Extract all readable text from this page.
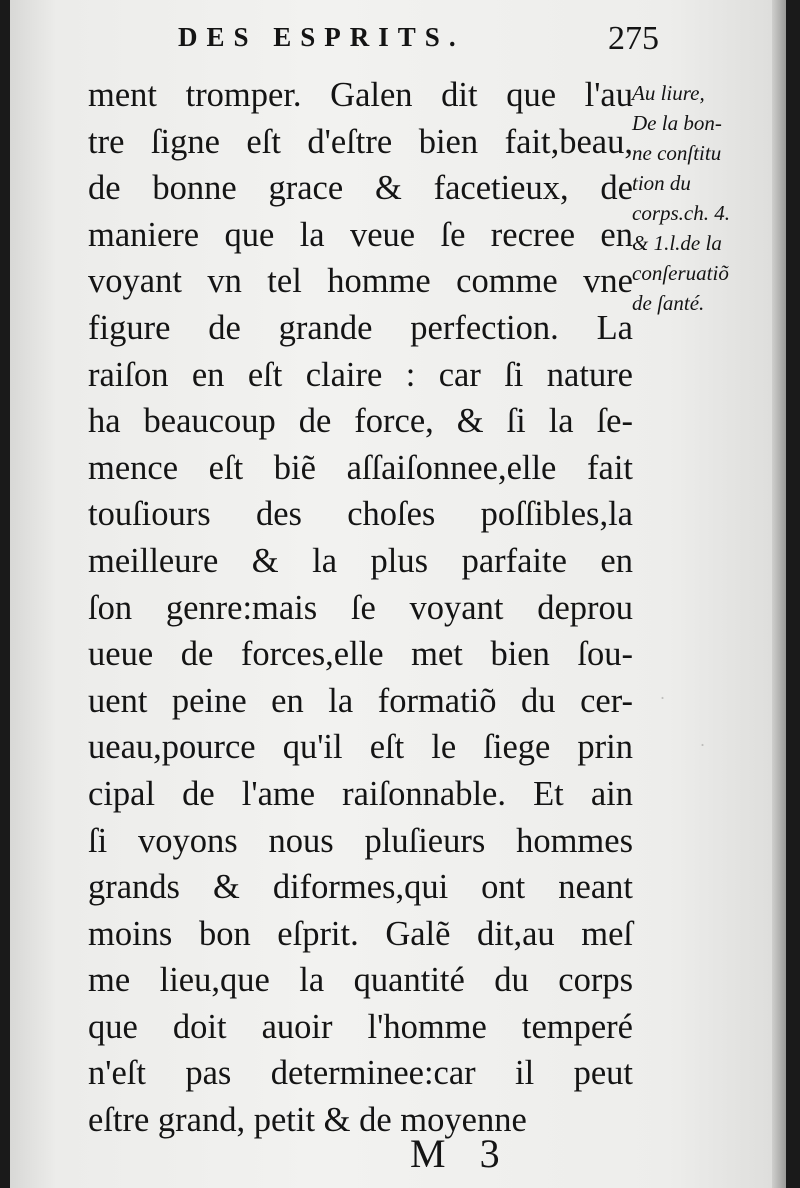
DES ESPRITS.	275
·
·
ment tromper. Galen dit que l'au
tre ſigne eſt d'eſtre bien fait,beau,
de bonne grace & facetieux, de
maniere que la veue ſe recree en
voyant vn tel homme comme vne
figure de grande perfection. La
raiſon en eſt claire : car ſi nature
ha beaucoup de force, & ſi la ſe-
mence eſt biẽ aſſaiſonnee,elle fait
touſiours des choſes poſſibles,la
meilleure & la plus parfaite en
ſon genre:mais ſe voyant deprou
ueue de forces,elle met bien ſou-
uent peine en la formatiõ du cer-
ueau,pource qu'il eſt le ſiege prin
cipal de l'ame raiſonnable. Et ain
ſi voyons nous pluſieurs hommes
grands & diformes,qui ont neant
moins bon eſprit. Galẽ dit,au meſ
me lieu,que la quantité du corps
que doit auoir l'homme temperé
n'eſt pas determinee:car il peut
eſtre grand, petit & de moyenne
Au liure,
De la bon-
ne conſtitu
tion du
corps.ch. 4.
& 1.l.de la
conſeruatiõ
de ſanté.
M 3
